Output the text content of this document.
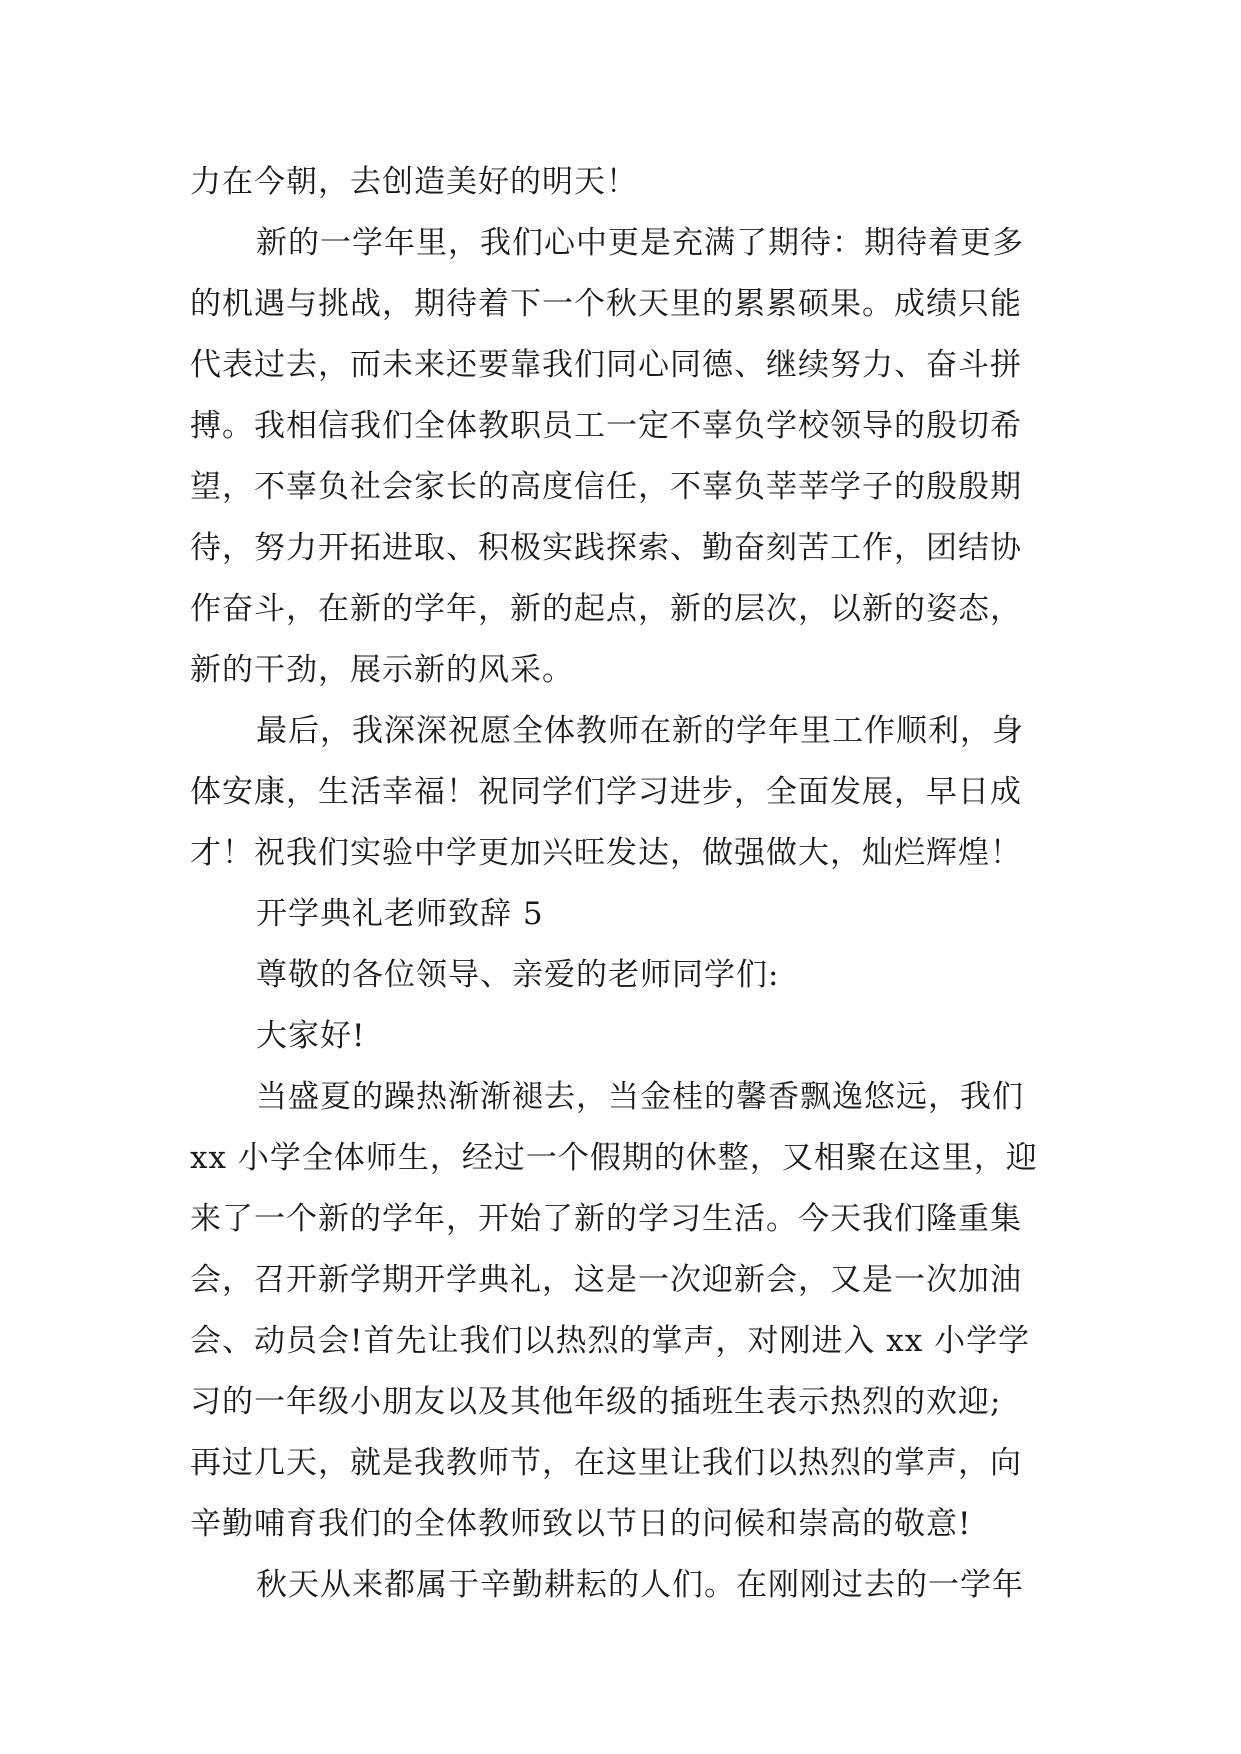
力在今朝，去创造美好的明天！
新的一学年里，我们心中更是充满了期待：期待着更多
的机遇与挑战，期待着下一个秋天里的累累硕果。成绩只能
代表过去，而未来还要靠我们同心同德、继续努力、奋斗拼
搏。我相信我们全体教职员工一定不辜负学校领导的殷切希
望，不辜负社会家长的高度信任，不辜负莘莘学子的殷殷期
待，努力开拓进取、积极实践探索、勤奋刻苦工作，团结协
作奋斗，在新的学年，新的起点，新的层次，以新的姿态，
新的干劲，展示新的风采。
最后，我深深祝愿全体教师在新的学年里工作顺利，身
体安康，生活幸福！祝同学们学习进步，全面发展，早日成
才！祝我们实验中学更加兴旺发达，做强做大，灿烂辉煌！
开学典礼老师致辞 5
尊敬的各位领导、亲爱的老师同学们:
大家好!
当盛夏的躁热渐渐褪去，当金桂的馨香飘逸悠远，我们
xx 小学全体师生，经过一个假期的休整，又相聚在这里，迎
来了一个新的学年，开始了新的学习生活。今天我们隆重集
会，召开新学期开学典礼，这是一次迎新会，又是一次加油
会、动员会!首先让我们以热烈的掌声，对刚进入 xx 小学学
习的一年级小朋友以及其他年级的插班生表示热烈的欢迎;
再过几天，就是我教师节，在这里让我们以热烈的掌声，向
辛勤哺育我们的全体教师致以节日的问候和崇高的敬意!
秋天从来都属于辛勤耕耘的人们。在刚刚过去的一学年
